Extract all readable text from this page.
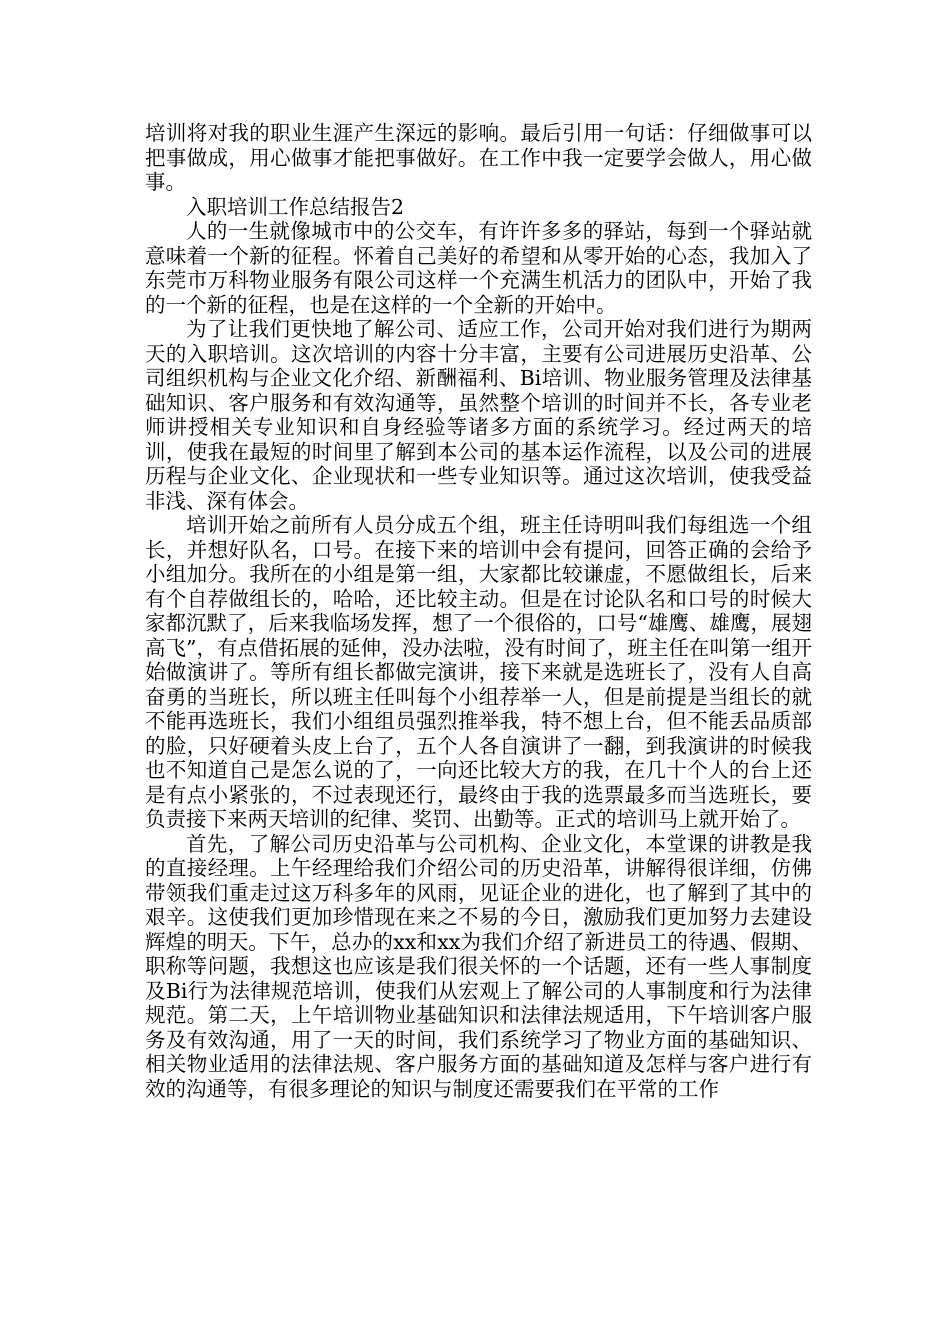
培训将对我的职业生涯产生深远的影响。最后引用一句话：仔细做事可以把事做成，用心做事才能把事做好。在工作中我一定要学会做人，用心做事。

入职培训工作总结报告2

人的一生就像城市中的公交车，有许许多多的驿站，每到一个驿站就意味着一个新的征程。怀着自己美好的希望和从零开始的心态，我加入了东莞市万科物业服务有限公司这样一个充满生机活力的团队中，开始了我的一个新的征程，也是在这样的一个全新的开始中。

为了让我们更快地了解公司、适应工作，公司开始对我们进行为期两天的入职培训。这次培训的内容十分丰富，主要有公司进展历史沿革、公司组织机构与企业文化介绍、新酬福利、Bi培训、物业服务管理及法律基础知识、客户服务和有效沟通等，虽然整个培训的时间并不长，各专业老师讲授相关专业知识和自身经验等诸多方面的系统学习。经过两天的培训，使我在最短的时间里了解到本公司的基本运作流程，以及公司的进展历程与企业文化、企业现状和一些专业知识等。通过这次培训，使我受益非浅、深有体会。

培训开始之前所有人员分成五个组，班主任诗明叫我们每组选一个组长，并想好队名，口号。在接下来的培训中会有提问，回答正确的会给予小组加分。我所在的小组是第一组，大家都比较谦虚，不愿做组长，后来有个自荐做组长的，哈哈，还比较主动。但是在讨论队名和口号的时候大家都沉默了，后来我临场发挥，想了一个很俗的，口号“雄鹰、雄鹰，展翅高飞”，有点借拓展的延伸，没办法啦，没有时间了，班主任在叫第一组开始做演讲了。等所有组长都做完演讲，接下来就是选班长了，没有人自高奋勇的当班长，所以班主任叫每个小组荐举一人，但是前提是当组长的就不能再选班长，我们小组组员强烈推举我，特不想上台，但不能丢品质部的脸，只好硬着头皮上台了，五个人各自演讲了一翻，到我演讲的时候我也不知道自己是怎么说的了，一向还比较大方的我，在几十个人的台上还是有点小紧张的，不过表现还行，最终由于我的选票最多而当选班长，要负责接下来两天培训的纪律、奖罚、出勤等。正式的培训马上就开始了。

首先，了解公司历史沿革与公司机构、企业文化，本堂课的讲教是我的直接经理。上午经理给我们介绍公司的历史沿革，讲解得很详细，仿佛带领我们重走过这万科多年的风雨，见证企业的进化，也了解到了其中的艰辛。这使我们更加珍惜现在来之不易的今日，激励我们更加努力去建设辉煌的明天。下午，总办的xx和xx为我们介绍了新进员工的待遇、假期、职称等问题，我想这也应该是我们很关怀的一个话题，还有一些人事制度及Bi行为法律规范培训，使我们从宏观上了解公司的人事制度和行为法律规范。第二天，上午培训物业基础知识和法律法规适用，下午培训客户服务及有效沟通，用了一天的时间，我们系统学习了物业方面的基础知识、相关物业适用的法律法规、客户服务方面的基础知道及怎样与客户进行有效的沟通等，有很多理论的知识与制度还需要我们在平常的工作
